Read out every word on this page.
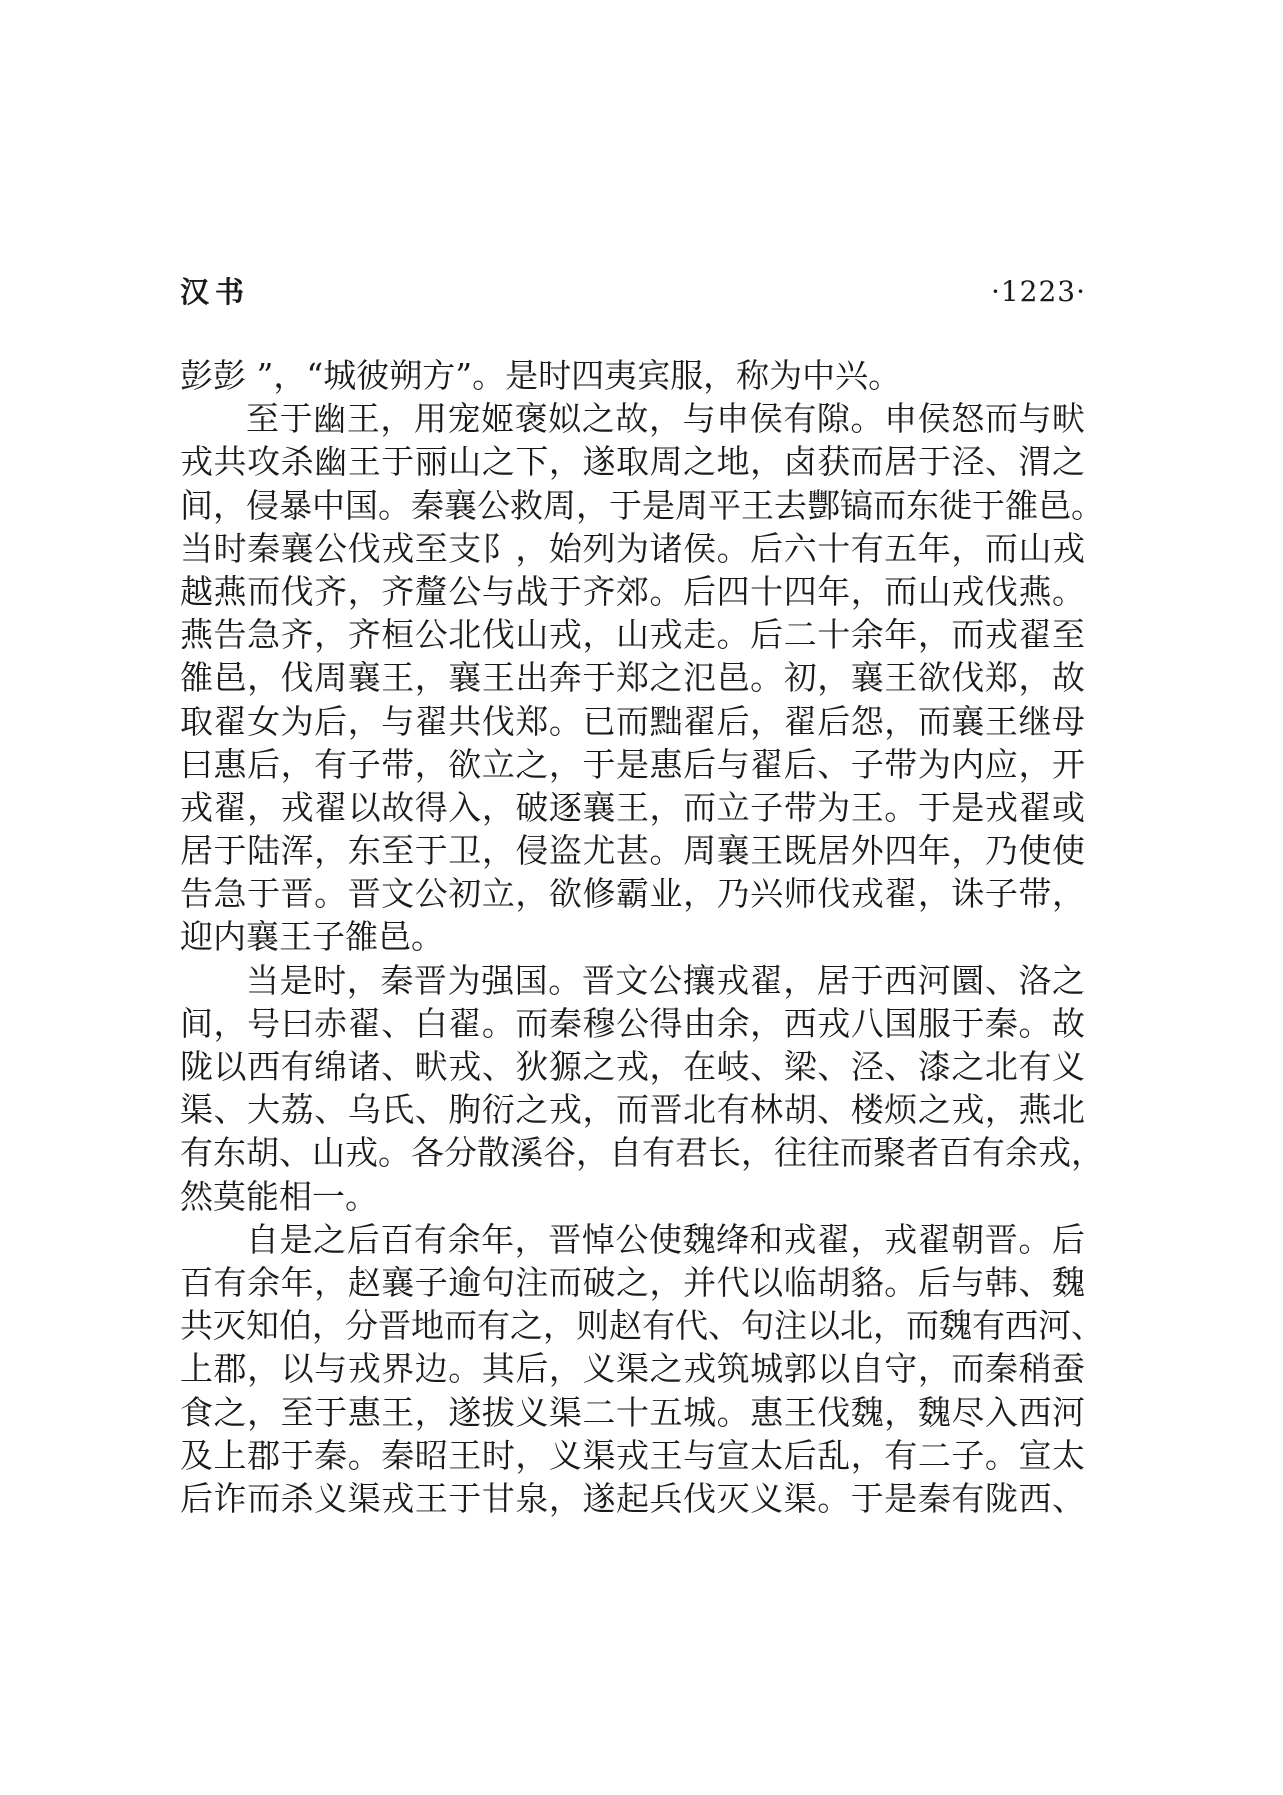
汉书	·1223·
彭彭 ”，“城彼朔方”。是时四夷宾服，称为中兴。
至于幽王，用宠姬褒姒之故，与申侯有隙。申侯怒而与畎
戎共攻杀幽王于丽山之下，遂取周之地，卤获而居于泾、渭之
间，侵暴中国。秦襄公救周，于是周平王去酆镐而东徙于雒邑。
当时秦襄公伐戎至支阝，始列为诸侯。后六十有五年，而山戎
越燕而伐齐，齐釐公与战于齐郊。后四十四年，而山戎伐燕。
燕告急齐，齐桓公北伐山戎，山戎走。后二十余年，而戎翟至
雒邑，伐周襄王，襄王出奔于郑之氾邑。初，襄王欲伐郑，故
取翟女为后，与翟共伐郑。已而黜翟后，翟后怨，而襄王继母
曰惠后，有子带，欲立之，于是惠后与翟后、子带为内应，开
戎翟，戎翟以故得入，破逐襄王，而立子带为王。于是戎翟或
居于陆浑，东至于卫，侵盗尤甚。周襄王既居外四年，乃使使
告急于晋。晋文公初立，欲修霸业，乃兴师伐戎翟，诛子带，
迎内襄王子雒邑。
当是时，秦晋为强国。晋文公攘戎翟，居于西河圜、洛之
间，号曰赤翟、白翟。而秦穆公得由余，西戎八国服于秦。故
陇以西有绵诸、畎戎、狄獂之戎，在岐、梁、泾、漆之北有义
渠、大荔、乌氏、朐衍之戎，而晋北有林胡、楼烦之戎，燕北
有东胡、山戎。各分散溪谷，自有君长，往往而聚者百有余戎，
然莫能相一。
自是之后百有余年，晋悼公使魏绛和戎翟，戎翟朝晋。后
百有余年，赵襄子逾句注而破之，并代以临胡貉。后与韩、魏
共灭知伯，分晋地而有之，则赵有代、句注以北，而魏有西河、
上郡，以与戎界边。其后，义渠之戎筑城郭以自守，而秦稍蚕
食之，至于惠王，遂拔义渠二十五城。惠王伐魏，魏尽入西河
及上郡于秦。秦昭王时，义渠戎王与宣太后乱，有二子。宣太
后诈而杀义渠戎王于甘泉，遂起兵伐灭义渠。于是秦有陇西、
